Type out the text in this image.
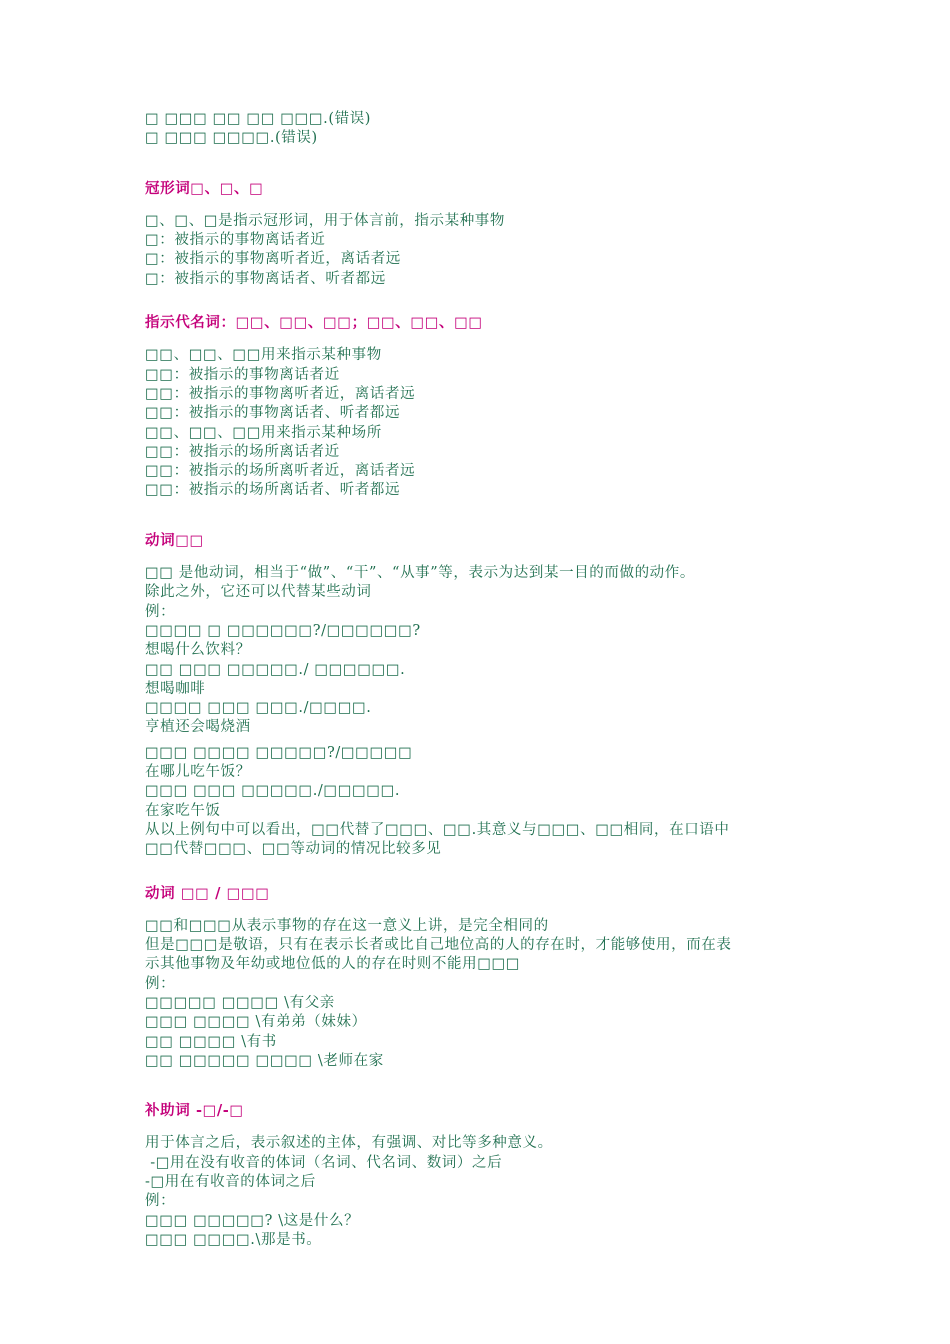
□ □□□ □□ □□ □□□.(错误)
□ □□□ □□□□.(错误)
冠形词□、□、□
□、□、□是指示冠形词，用于体言前，指示某种事物
□：被指示的事物离话者近
□：被指示的事物离听者近，离话者远
□：被指示的事物离话者、听者都远
指示代名词：□□、□□、□□；□□、□□、□□
□□、□□、□□用来指示某种事物
□□：被指示的事物离话者近
□□：被指示的事物离听者近，离话者远
□□：被指示的事物离话者、听者都远
□□、□□、□□用来指示某种场所
□□：被指示的场所离话者近
□□：被指示的场所离听者近，离话者远
□□：被指示的场所离话者、听者都远
动词□□
□□ 是他动词，相当于“做”、“干”、“从事”等，表示为达到某一目的而做的动作。
除此之外，它还可以代替某些动词
例：
□□□□ □ □□□□□□?/□□□□□□?
想喝什么饮料？
□□ □□□ □□□□□./ □□□□□□.
想喝咖啡
□□□□ □□□ □□□./□□□□.
亨植还会喝烧酒
□□□ □□□□ □□□□□?/□□□□□
在哪儿吃午饭？
□□□ □□□ □□□□□./□□□□□.
在家吃午饭
从以上例句中可以看出，□□代替了□□□、□□.其意义与□□□、□□相同，在口语中
□□代替□□□、□□等动词的情况比较多见
动词 □□ / □□□
□□和□□□从表示事物的存在这一意义上讲，是完全相同的
但是□□□是敬语，只有在表示长者或比自己地位高的人的存在时，才能够使用，而在表
示其他事物及年幼或地位低的人的存在时则不能用□□□
例：
□□□□□ □□□□ \有父亲
□□□ □□□□ \有弟弟（妹妹）
□□ □□□□ \有书
□□ □□□□□ □□□□ \老师在家
补助词 -□/-□
用于体言之后，表示叙述的主体，有强调、对比等多种意义。
-□用在没有收音的体词（名词、代名词、数词）之后
-□用在有收音的体词之后
例：
□□□ □□□□□? \这是什么？
□□□ □□□□.\那是书。
